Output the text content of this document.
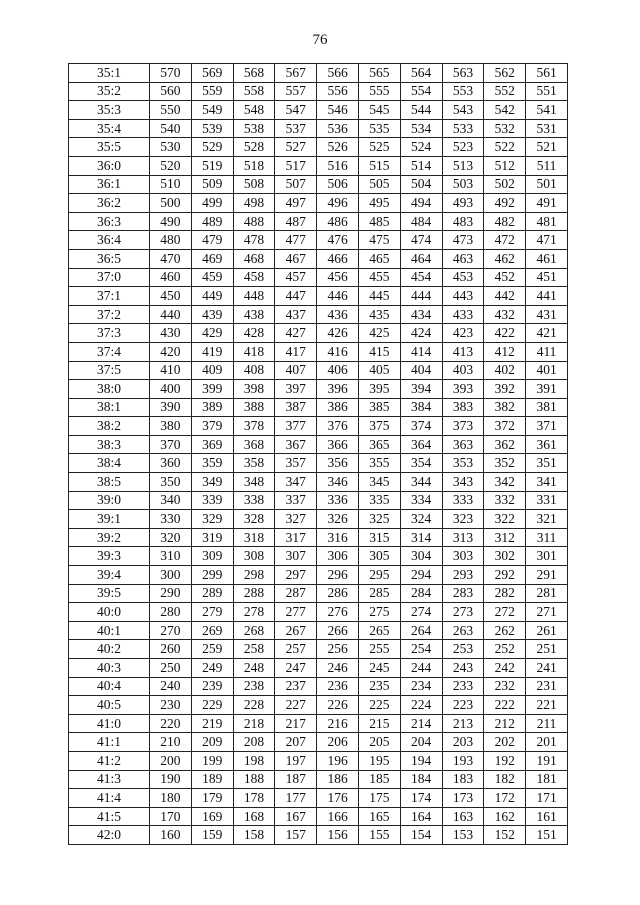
76
35:1	570	569	568	567	566	565	564	563	562	561
35:2	560	559	558	557	556	555	554	553	552	551
35:3	550	549	548	547	546	545	544	543	542	541
35:4	540	539	538	537	536	535	534	533	532	531
35:5	530	529	528	527	526	525	524	523	522	521
36:0	520	519	518	517	516	515	514	513	512	511
36:1	510	509	508	507	506	505	504	503	502	501
36:2	500	499	498	497	496	495	494	493	492	491
36:3	490	489	488	487	486	485	484	483	482	481
36:4	480	479	478	477	476	475	474	473	472	471
36:5	470	469	468	467	466	465	464	463	462	461
37:0	460	459	458	457	456	455	454	453	452	451
37:1	450	449	448	447	446	445	444	443	442	441
37:2	440	439	438	437	436	435	434	433	432	431
37:3	430	429	428	427	426	425	424	423	422	421
37:4	420	419	418	417	416	415	414	413	412	411
37:5	410	409	408	407	406	405	404	403	402	401
38:0	400	399	398	397	396	395	394	393	392	391
38:1	390	389	388	387	386	385	384	383	382	381
38:2	380	379	378	377	376	375	374	373	372	371
38:3	370	369	368	367	366	365	364	363	362	361
38:4	360	359	358	357	356	355	354	353	352	351
38:5	350	349	348	347	346	345	344	343	342	341
39:0	340	339	338	337	336	335	334	333	332	331
39:1	330	329	328	327	326	325	324	323	322	321
39:2	320	319	318	317	316	315	314	313	312	311
39:3	310	309	308	307	306	305	304	303	302	301
39:4	300	299	298	297	296	295	294	293	292	291
39:5	290	289	288	287	286	285	284	283	282	281
40:0	280	279	278	277	276	275	274	273	272	271
40:1	270	269	268	267	266	265	264	263	262	261
40:2	260	259	258	257	256	255	254	253	252	251
40:3	250	249	248	247	246	245	244	243	242	241
40:4	240	239	238	237	236	235	234	233	232	231
40:5	230	229	228	227	226	225	224	223	222	221
41:0	220	219	218	217	216	215	214	213	212	211
41:1	210	209	208	207	206	205	204	203	202	201
41:2	200	199	198	197	196	195	194	193	192	191
41:3	190	189	188	187	186	185	184	183	182	181
41:4	180	179	178	177	176	175	174	173	172	171
41:5	170	169	168	167	166	165	164	163	162	161
42:0	160	159	158	157	156	155	154	153	152	151
